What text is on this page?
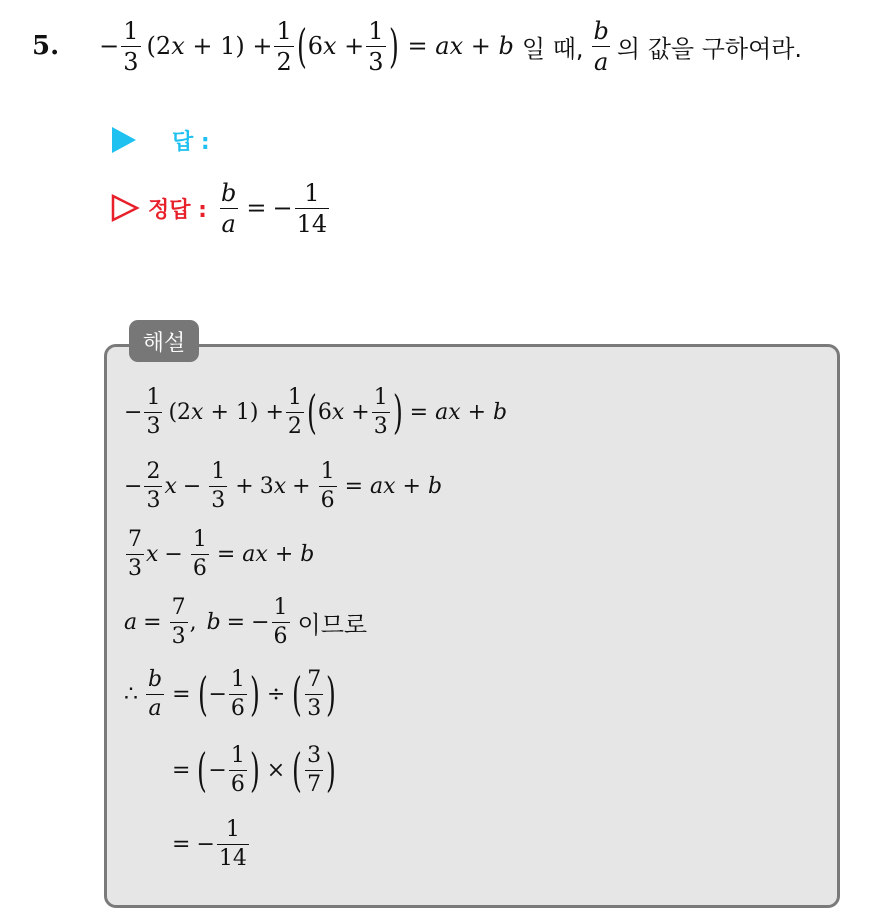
5. − $\frac{1}{3} (2x + 1) + \frac{1}{2}$ ( $6x + \frac{1}{3}$ ) = ax + b 일 때, $\frac{b}{a}$ 의 값을 구하여라.
답 :
정답 : $\frac{b}{a}$ = − $\frac{1}{14}$
해설
− $\frac{1}{3} (2x + 1) + \frac{1}{2}$ ( $6x + \frac{1}{3}$ ) = ax + b
− $\frac{2}{3}$ $x - \frac{1}{3} + 3x + \frac{1}{6}$ = ax + b
$\frac{7}{3}$ $x - \frac{1}{6}$ = ax + b
$a = \frac{7}{3}$ , b = − $\frac{1}{6}$ 이므로
∴ $\frac{b}{a}$ = ( − $\frac{1}{6}$ ) ÷ ( $\frac{7}{3}$ )
= ( − $\frac{1}{6}$ ) × ( $\frac{3}{7}$ )
= − $\frac{1}{14}$
